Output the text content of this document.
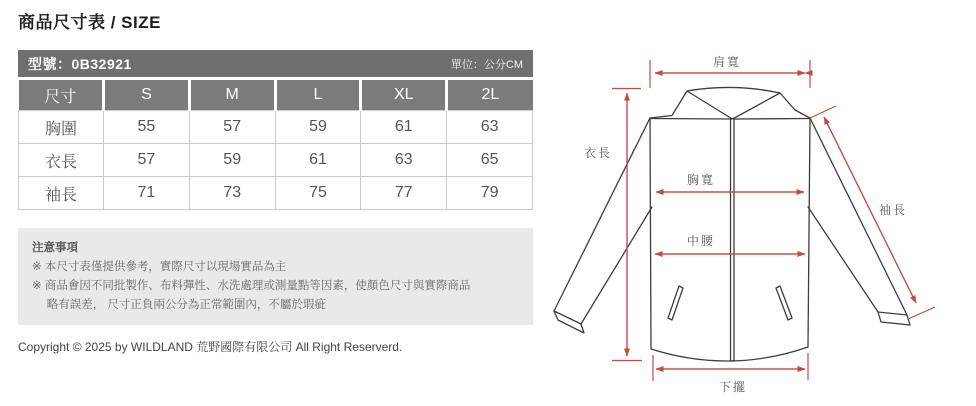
商品尺寸表 / SIZE
型號：0B32921	單位：公分CM
尺寸	S	M	L	XL	2L
胸圍	55	57	59	61	63
衣長	57	59	61	63	65
袖長	71	73	75	77	79
注意事項
※ 本尺寸表僅提供參考，實際尺寸以現場實品為主
※ 商品會因不同批製作、布料彈性、水洗處理或測量點等因素，使顏色尺寸與實際商品
　 略有誤差， 尺寸正負兩公分為正常範圍內，不屬於瑕疵
Copyright © 2025 by WILDLAND 荒野國際有限公司 All Right Reserverd.
肩寬
衣長
胸寬
中腰
袖長
下擺
